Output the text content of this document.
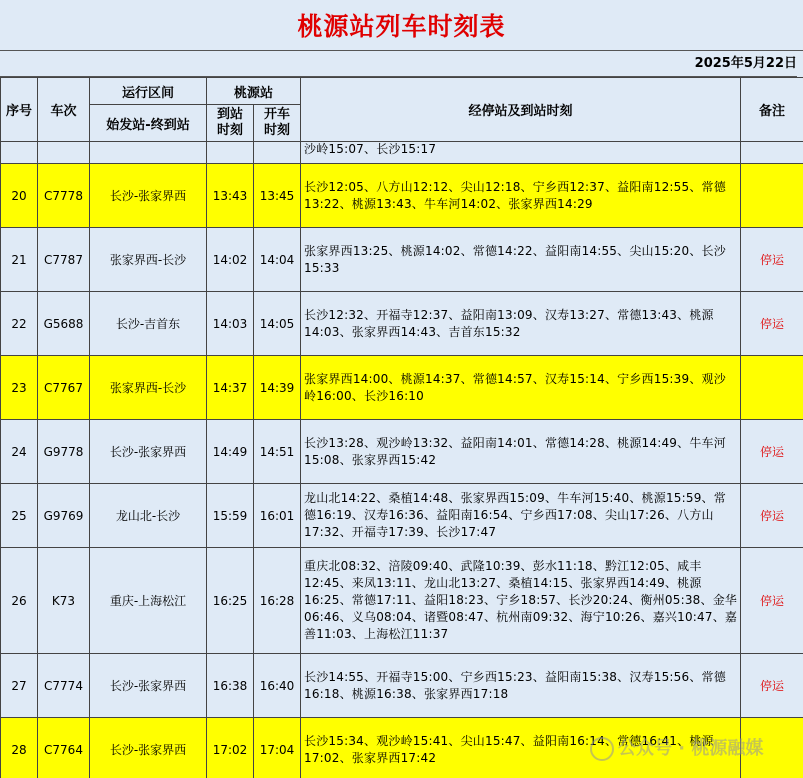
桃源站列车时刻表
2025年5月22日
序号	车次	运行区间	桃源站		经停站及到站时刻	备注
		始发站-终到站	到站
时刻	开车
时刻		
					沙岭15:07、长沙15:17	
20	C7778	长沙-张家界西	13:43	13:45	长沙12:05、八方山12:12、尖山12:18、宁乡西12:37、益阳南12:55、常德13:22、桃源13:43、牛车河14:02、张家界西14:29	
21	C7787	张家界西-长沙	14:02	14:04	张家界西13:25、桃源14:02、常德14:22、益阳南14:55、尖山15:20、长沙15:33	停运
22	G5688	长沙-吉首东	14:03	14:05	长沙12:32、开福寺12:37、益阳南13:09、汉寿13:27、常德13:43、桃源14:03、张家界西14:43、吉首东15:32	停运
23	C7767	张家界西-长沙	14:37	14:39	张家界西14:00、桃源14:37、常德14:57、汉寿15:14、宁乡西15:39、观沙岭16:00、长沙16:10	
24	G9778	长沙-张家界西	14:49	14:51	长沙13:28、观沙岭13:32、益阳南14:01、常德14:28、桃源14:49、牛车河15:08、张家界西15:42	停运
25	G9769	龙山北-长沙	15:59	16:01	龙山北14:22、桑植14:48、张家界西15:09、牛车河15:40、桃源15:59、常德16:19、汉寿16:36、益阳南16:54、宁乡西17:08、尖山17:26、八方山17:32、开福寺17:39、长沙17:47	停运
26	K73	重庆-上海松江	16:25	16:28	重庆北08:32、涪陵09:40、武隆10:39、彭水11:18、黔江12:05、咸丰12:45、来凤13:11、龙山北13:27、桑植14:15、张家界西14:49、桃源16:25、常德17:11、益阳18:23、宁乡18:57、长沙20:24、衡州05:38、金华06:46、义乌08:04、诸暨08:47、杭州南09:32、海宁10:26、嘉兴10:47、嘉善11:03、上海松江11:37	停运
27	C7774	长沙-张家界西	16:38	16:40	长沙14:55、开福寺15:00、宁乡西15:23、益阳南15:38、汉寿15:56、常德16:18、桃源16:38、张家界西17:18	停运
28	C7764	长沙-张家界西	17:02	17:04	长沙15:34、观沙岭15:41、尖山15:47、益阳南16:14、常德16:41、桃源17:02、张家界西17:42		公众号 · 桃源融媒
